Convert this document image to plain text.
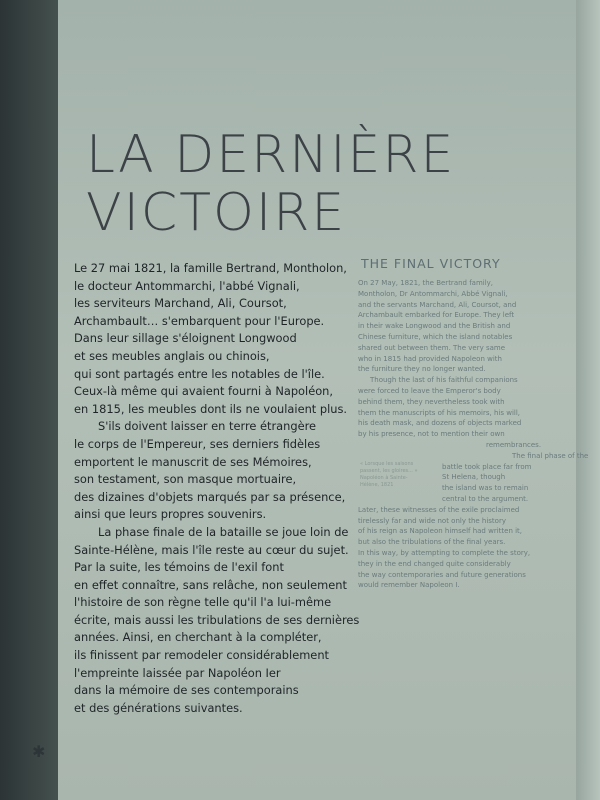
LA DERNIÈRE
VICTOIRE
Le 27 mai 1821, la famille Bertrand, Montholon,
le docteur Antommarchi, l'abbé Vignali,
les serviteurs Marchand, Ali, Coursot,
Archambault… s'embarquent pour l'Europe.
Dans leur sillage s'éloignent Longwood
et ses meubles anglais ou chinois,
qui sont partagés entre les notables de l'île.
Ceux-là même qui avaient fourni à Napoléon,
en 1815, les meubles dont ils ne voulaient plus.
S'ils doivent laisser en terre étrangère
le corps de l'Empereur, ses derniers fidèles
emportent le manuscrit de ses Mémoires,
son testament, son masque mortuaire,
des dizaines d'objets marqués par sa présence,
ainsi que leurs propres souvenirs.
La phase finale de la bataille se joue loin de
Sainte-Hélène, mais l'île reste au cœur du sujet.
Par la suite, les témoins de l'exil font
en effet connaître, sans relâche, non seulement
l'histoire de son règne telle qu'il l'a lui-même
écrite, mais aussi les tribulations de ses dernières
années. Ainsi, en cherchant à la compléter,
ils finissent par remodeler considérablement
l'empreinte laissée par Napoléon Ier
dans la mémoire de ses contemporains
et des générations suivantes.
THE FINAL VICTORY
On 27 May, 1821, the Bertrand family,
Montholon, Dr Antommarchi, Abbé Vignali,
and the servants Marchand, Ali, Coursot, and
Archambault embarked for Europe. They left
in their wake Longwood and the British and
Chinese furniture, which the island notables
shared out between them. The very same
who in 1815 had provided Napoleon with
the furniture they no longer wanted.
Though the last of his faithful companions
were forced to leave the Emperor's body
behind them, they nevertheless took with
them the manuscripts of his memoirs, his will,
his death mask, and dozens of objects marked
by his presence, not to mention their own
remembrances.
The final phase of the
battle took place far from
St Helena, though
the island was to remain
central to the argument.
Later, these witnesses of the exile proclaimed
tirelessly far and wide not only the history
of his reign as Napoleon himself had written it,
but also the tribulations of the final years.
In this way, by attempting to complete the story,
they in the end changed quite considerably
the way contemporaries and future generations
would remember Napoleon I.
« Lorsque les saisons
passent, les gloires... »
Napoléon à Sainte-
Hélène, 1821
✱
